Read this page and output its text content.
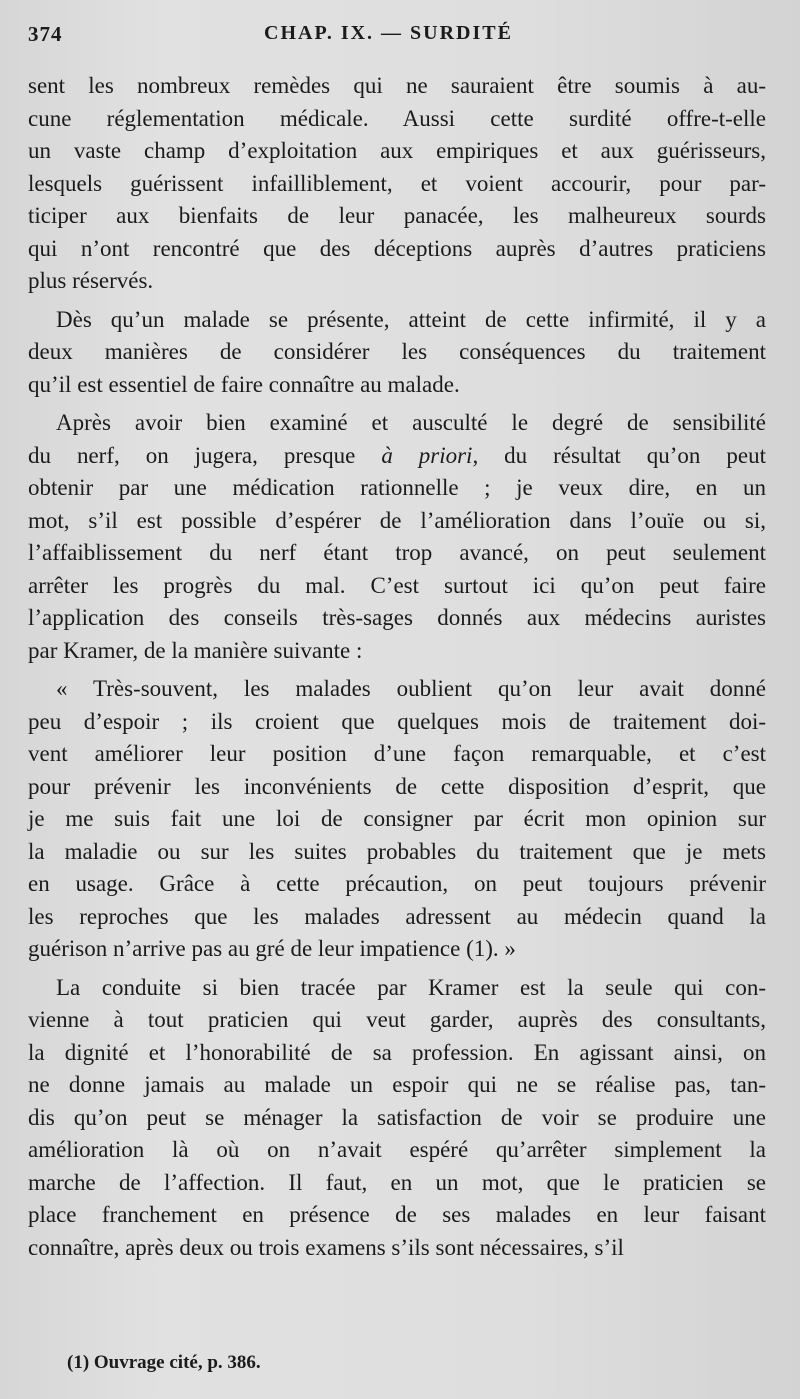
374	CHAP. IX. — SURDITÉ
sent les nombreux remèdes qui ne sauraient être soumis à au-
cune réglementation médicale. Aussi cette surdité offre-t-elle
un vaste champ d’exploitation aux empiriques et aux guérisseurs,
lesquels guérissent infailliblement, et voient accourir, pour par-
ticiper aux bienfaits de leur panacée, les malheureux sourds
qui n’ont rencontré que des déceptions auprès d’autres praticiens
plus réservés.
Dès qu’un malade se présente, atteint de cette infirmité, il y a
deux manières de considérer les conséquences du traitement
qu’il est essentiel de faire connaître au malade.
Après avoir bien examiné et ausculté le degré de sensibilité
du nerf, on jugera, presque à priori, du résultat qu’on peut
obtenir par une médication rationnelle ; je veux dire, en un
mot, s’il est possible d’espérer de l’amélioration dans l’ouïe ou si,
l’affaiblissement du nerf étant trop avancé, on peut seulement
arrêter les progrès du mal. C’est surtout ici qu’on peut faire
l’application des conseils très-sages donnés aux médecins auristes
par Kramer, de la manière suivante :
« Très-souvent, les malades oublient qu’on leur avait donné
peu d’espoir ; ils croient que quelques mois de traitement doi-
vent améliorer leur position d’une façon remarquable, et c’est
pour prévenir les inconvénients de cette disposition d’esprit, que
je me suis fait une loi de consigner par écrit mon opinion sur
la maladie ou sur les suites probables du traitement que je mets
en usage. Grâce à cette précaution, on peut toujours prévenir
les reproches que les malades adressent au médecin quand la
guérison n’arrive pas au gré de leur impatience (1). »
La conduite si bien tracée par Kramer est la seule qui con-
vienne à tout praticien qui veut garder, auprès des consultants,
la dignité et l’honorabilité de sa profession. En agissant ainsi, on
ne donne jamais au malade un espoir qui ne se réalise pas, tan-
dis qu’on peut se ménager la satisfaction de voir se produire une
amélioration là où on n’avait espéré qu’arrêter simplement la
marche de l’affection. Il faut, en un mot, que le praticien se
place franchement en présence de ses malades en leur faisant
connaître, après deux ou trois examens s’ils sont nécessaires, s’il
(1) Ouvrage cité, p. 386.
